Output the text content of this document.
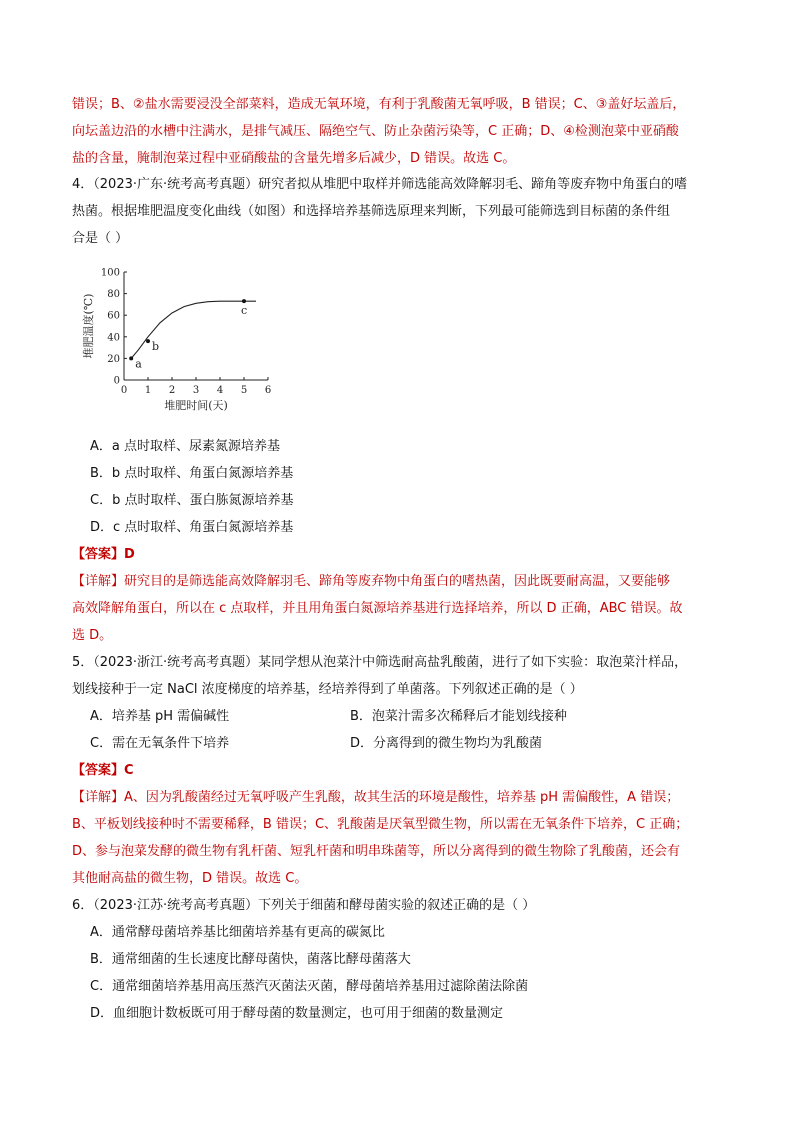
错误；B、②盐水需要浸没全部菜料，造成无氧环境，有利于乳酸菌无氧呼吸，B 错误；C、③盖好坛盖后，
向坛盖边沿的水槽中注满水，是排气减压、隔绝空气、防止杂菌污染等，C 正确；D、④检测泡菜中亚硝酸
盐的含量，腌制泡菜过程中亚硝酸盐的含量先增多后减少，D 错误。故选 C。
4．（2023·广东·统考高考真题）研究者拟从堆肥中取样并筛选能高效降解羽毛、蹄角等废弃物中角蛋白的嗜
热菌。根据堆肥温度变化曲线（如图）和选择培养基筛选原理来判断，下列最可能筛选到目标菌的条件组
合是（ ）
0
20
40
60
80
100
0 1 2 3 4 5 6
堆肥时间(天)
堆肥温度(℃)
a
b
c
A．a 点时取样、尿素氮源培养基
B．b 点时取样、角蛋白氮源培养基
C．b 点时取样、蛋白胨氮源培养基
D．c 点时取样、角蛋白氮源培养基
【答案】D
【详解】研究目的是筛选能高效降解羽毛、蹄角等废弃物中角蛋白的嗜热菌，因此既要耐高温，又要能够
高效降解角蛋白，所以在 c 点取样，并且用角蛋白氮源培养基进行选择培养，所以 D 正确，ABC 错误。故
选 D。
5．（2023·浙江·统考高考真题）某同学想从泡菜汁中筛选耐高盐乳酸菌，进行了如下实验：取泡菜汁样品，
划线接种于一定 NaCl 浓度梯度的培养基，经培养得到了单菌落。下列叙述正确的是（ ）
A．培养基 pH 需偏碱性	B．泡菜汁需多次稀释后才能划线接种
C．需在无氧条件下培养	D．分离得到的微生物均为乳酸菌
【答案】C
【详解】A、因为乳酸菌经过无氧呼吸产生乳酸，故其生活的环境是酸性，培养基 pH 需偏酸性，A 错误；
B、平板划线接种时不需要稀释，B 错误；C、乳酸菌是厌氧型微生物，所以需在无氧条件下培养，C 正确；
D、参与泡菜发酵的微生物有乳杆菌、短乳杆菌和明串珠菌等，所以分离得到的微生物除了乳酸菌，还会有
其他耐高盐的微生物，D 错误。故选 C。
6．（2023·江苏·统考高考真题）下列关于细菌和酵母菌实验的叙述正确的是（ ）
A．通常酵母菌培养基比细菌培养基有更高的碳氮比
B．通常细菌的生长速度比酵母菌快，菌落比酵母菌落大
C．通常细菌培养基用高压蒸汽灭菌法灭菌，酵母菌培养基用过滤除菌法除菌
D．血细胞计数板既可用于酵母菌的数量测定，也可用于细菌的数量测定
